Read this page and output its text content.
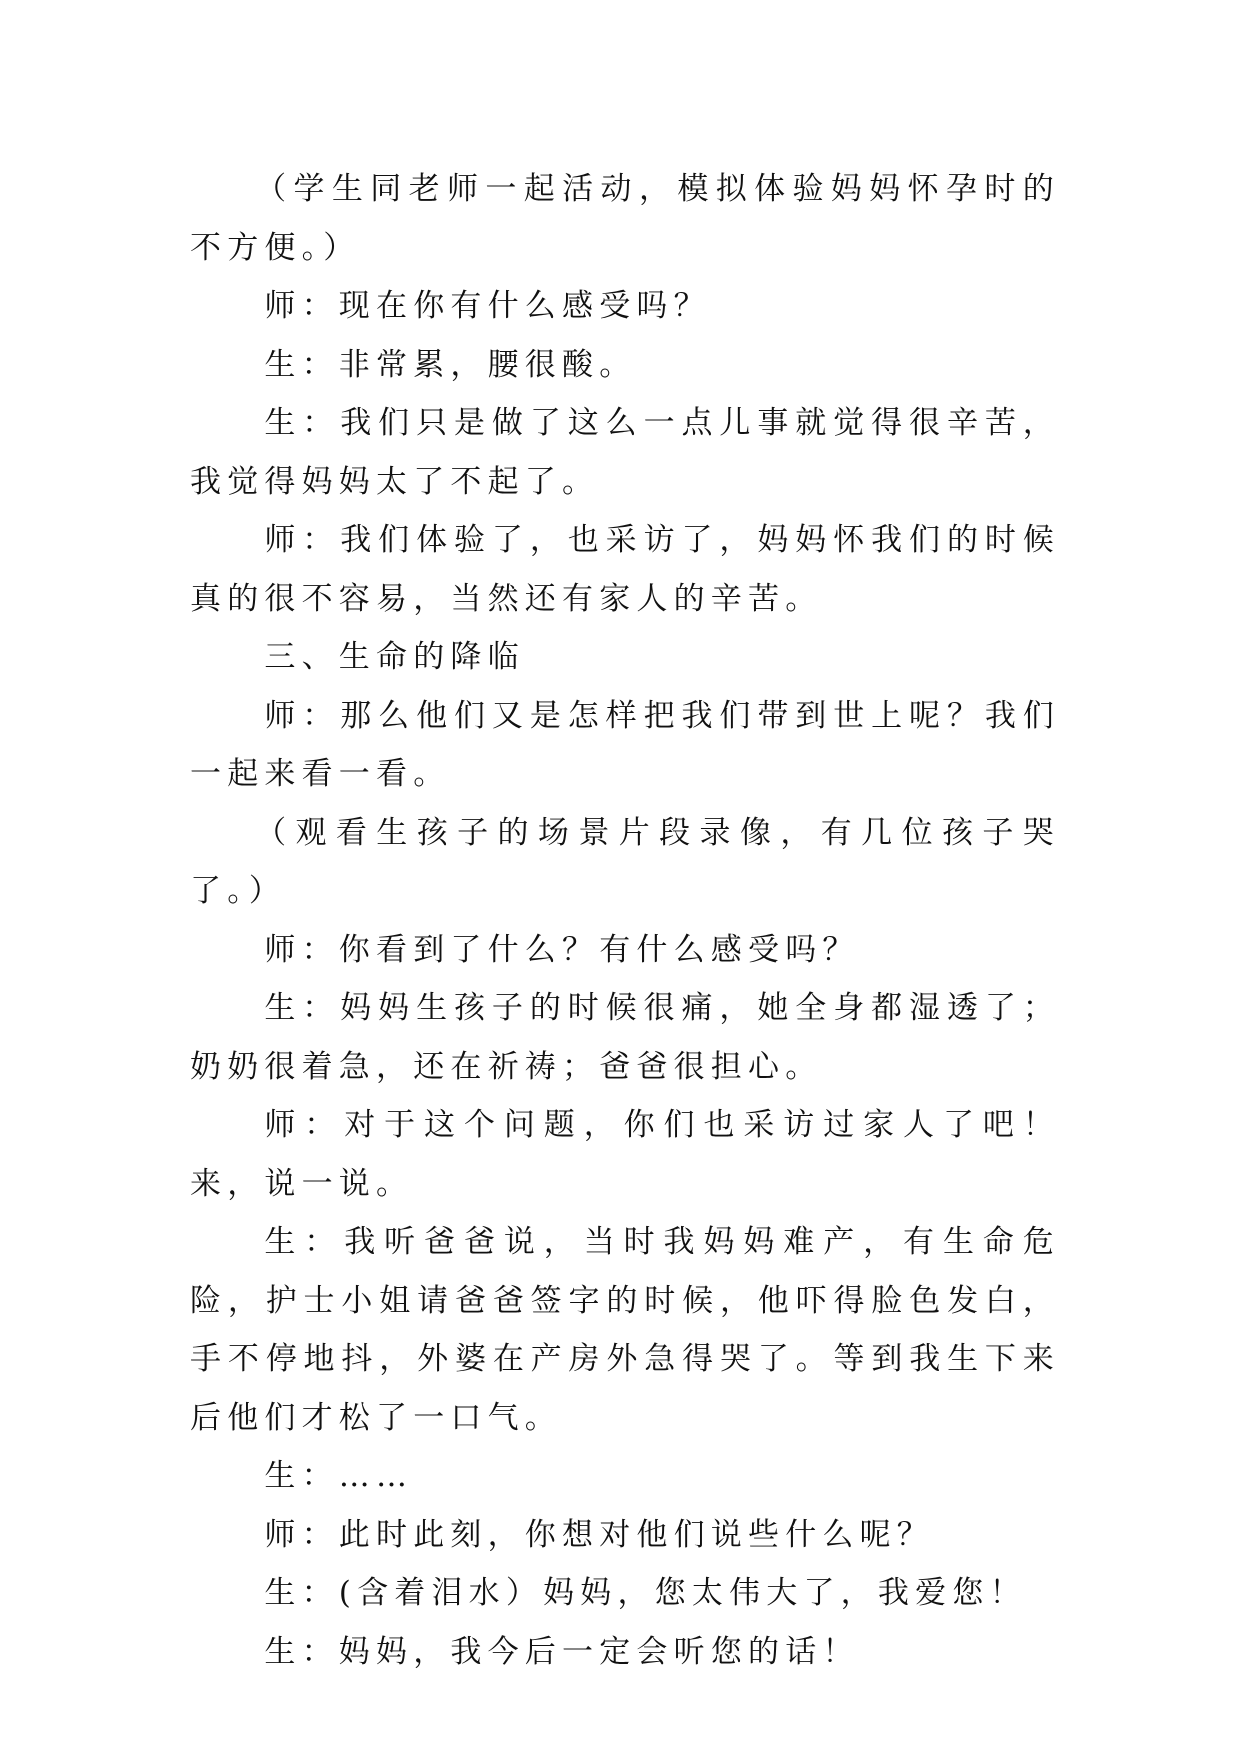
（学生同老师一起活动，模拟体验妈妈怀孕时的不方便。）

师：现在你有什么感受吗？

生：非常累，腰很酸。

生：我们只是做了这么一点儿事就觉得很辛苦，我觉得妈妈太了不起了。

师：我们体验了，也采访了，妈妈怀我们的时候真的很不容易，当然还有家人的辛苦。

三、生命的降临

师：那么他们又是怎样把我们带到世上呢？我们一起来看一看。

（观看生孩子的场景片段录像，有几位孩子哭了。）

师：你看到了什么？有什么感受吗？

生：妈妈生孩子的时候很痛，她全身都湿透了；奶奶很着急，还在祈祷；爸爸很担心。

师：对于这个问题，你们也采访过家人了吧！来，说一说。

生：我听爸爸说，当时我妈妈难产，有生命危险，护士小姐请爸爸签字的时候，他吓得脸色发白，手不停地抖，外婆在产房外急得哭了。等到我生下来后他们才松了一口气。

生：……

师：此时此刻，你想对他们说些什么呢？

生：(含着泪水）妈妈，您太伟大了，我爱您！

生：妈妈，我今后一定会听您的话！
